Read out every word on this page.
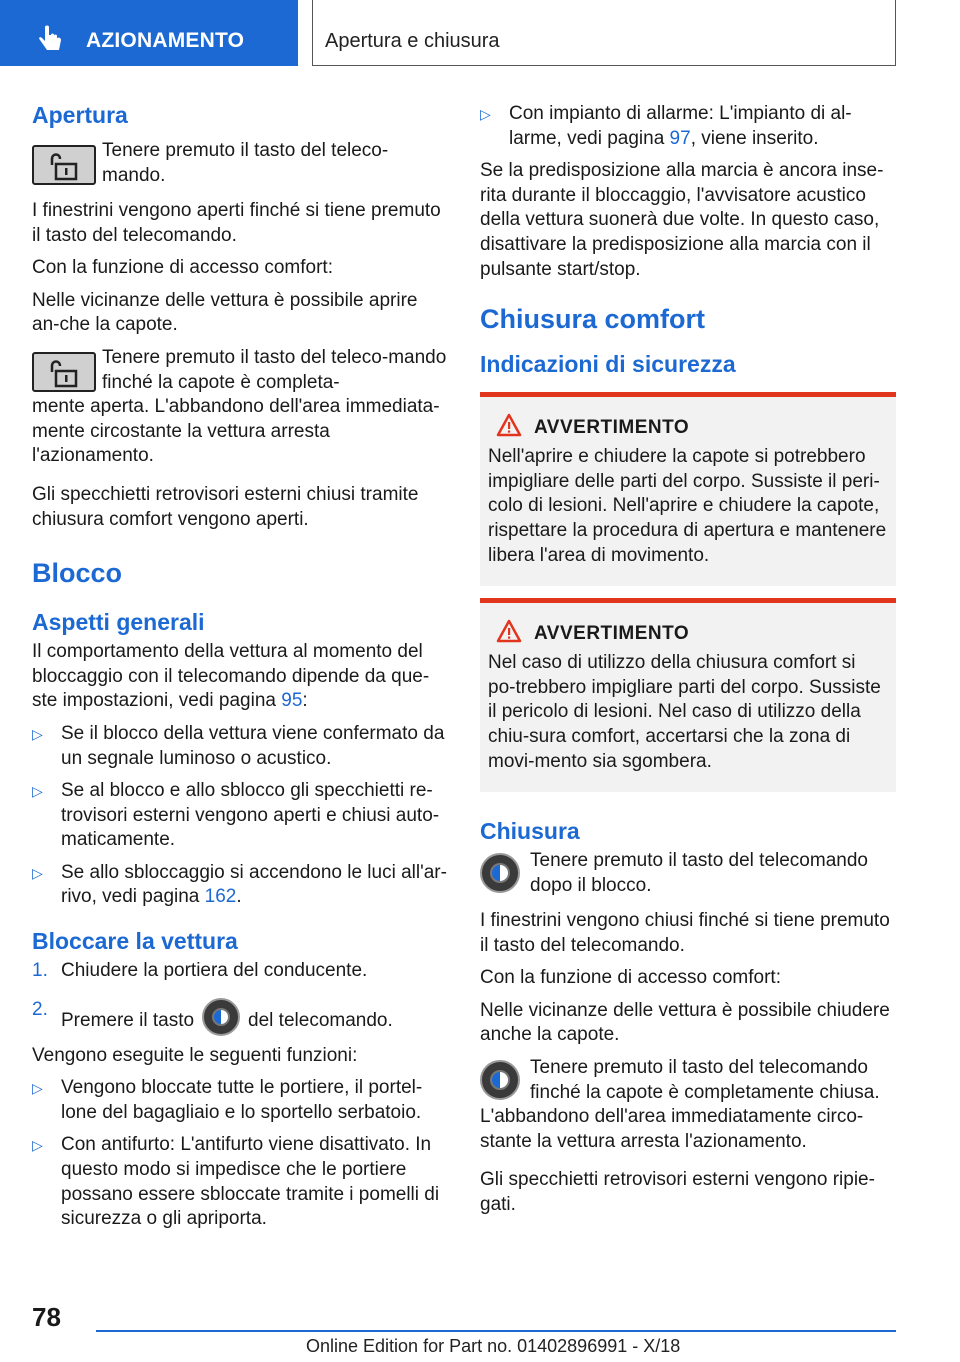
AZIONAMENTO	Apertura e chiusura
Apertura
Tenere premuto il tasto del teleco-mando.

I finestrini vengono aperti finché si tiene premuto il tasto del telecomando.

Con la funzione di accesso comfort:

Nelle vicinanze delle vettura è possibile aprire an-che la capote.

Tenere premuto il tasto del teleco-mando finché la capote è completa-
mente aperta. L'abbandono dell'area immediata-mente circostante la vettura arresta l'azionamento.

Gli specchietti retrovisori esterni chiusi tramite chiusura comfort vengono aperti.

Blocco
Aspetti generali

Il comportamento della vettura al momento del bloccaggio con il telecomando dipende da que-ste impostazioni, vedi pagina 95:

▷ Se il blocco della vettura viene confermato da un segnale luminoso o acustico.
▷ Se al blocco e allo sblocco gli specchietti re-trovisori esterni vengono aperti e chiusi auto-maticamente.
▷ Se allo sbloccaggio si accendono le luci all'ar-rivo, vedi pagina 162.
Bloccare la vettura
1. Chiudere la portiera del conducente.
2.
Premere il tasto	del telecomando.

Vengono eseguite le seguenti funzioni:

▷ Vengono bloccate tutte le portiere, il portel-lone del bagagliaio e lo sportello serbatoio.
▷ Con antifurto: L'antifurto viene disattivato. In questo modo si impedisce che le portiere possano essere sbloccate tramite i pomelli di sicurezza o gli apriporta.
▷ Con impianto di allarme: L'impianto di al-larme, vedi pagina 97, viene inserito.

Se la predisposizione alla marcia è ancora inse-rita durante il bloccaggio, l'avvisatore acustico della vettura suonerà due volte. In questo caso, disattivare la predisposizione alla marcia con il pulsante start/stop.

Chiusura comfort
Indicazioni di sicurezza
AVVERTIMENTO

Nell'aprire e chiudere la capote si potrebbero impigliare delle parti del corpo. Sussiste il peri-colo di lesioni. Nell'aprire e chiudere la capote, rispettare la procedura di apertura e mantenere libera l'area di movimento.

AVVERTIMENTO

Nel caso di utilizzo della chiusura comfort si po-trebbero impigliare parti del corpo. Sussiste il pericolo di lesioni. Nel caso di utilizzo della chiu-sura comfort, accertarsi che la zona di movi-mento sia sgombera.

Chiusura
Tenere premuto il tasto del telecomando dopo il blocco.

I finestrini vengono chiusi finché si tiene premuto il tasto del telecomando.

Con la funzione di accesso comfort:

Nelle vicinanze delle vettura è possibile chiudere anche la capote.

Tenere premuto il tasto del telecomando finché la capote è completamente chiusa.
L'abbandono dell'area immediatamente circo-stante la vettura arresta l'azionamento.

Gli specchietti retrovisori esterni vengono ripie-gati.

78
Online Edition for Part no. 01402896991 - X/18
